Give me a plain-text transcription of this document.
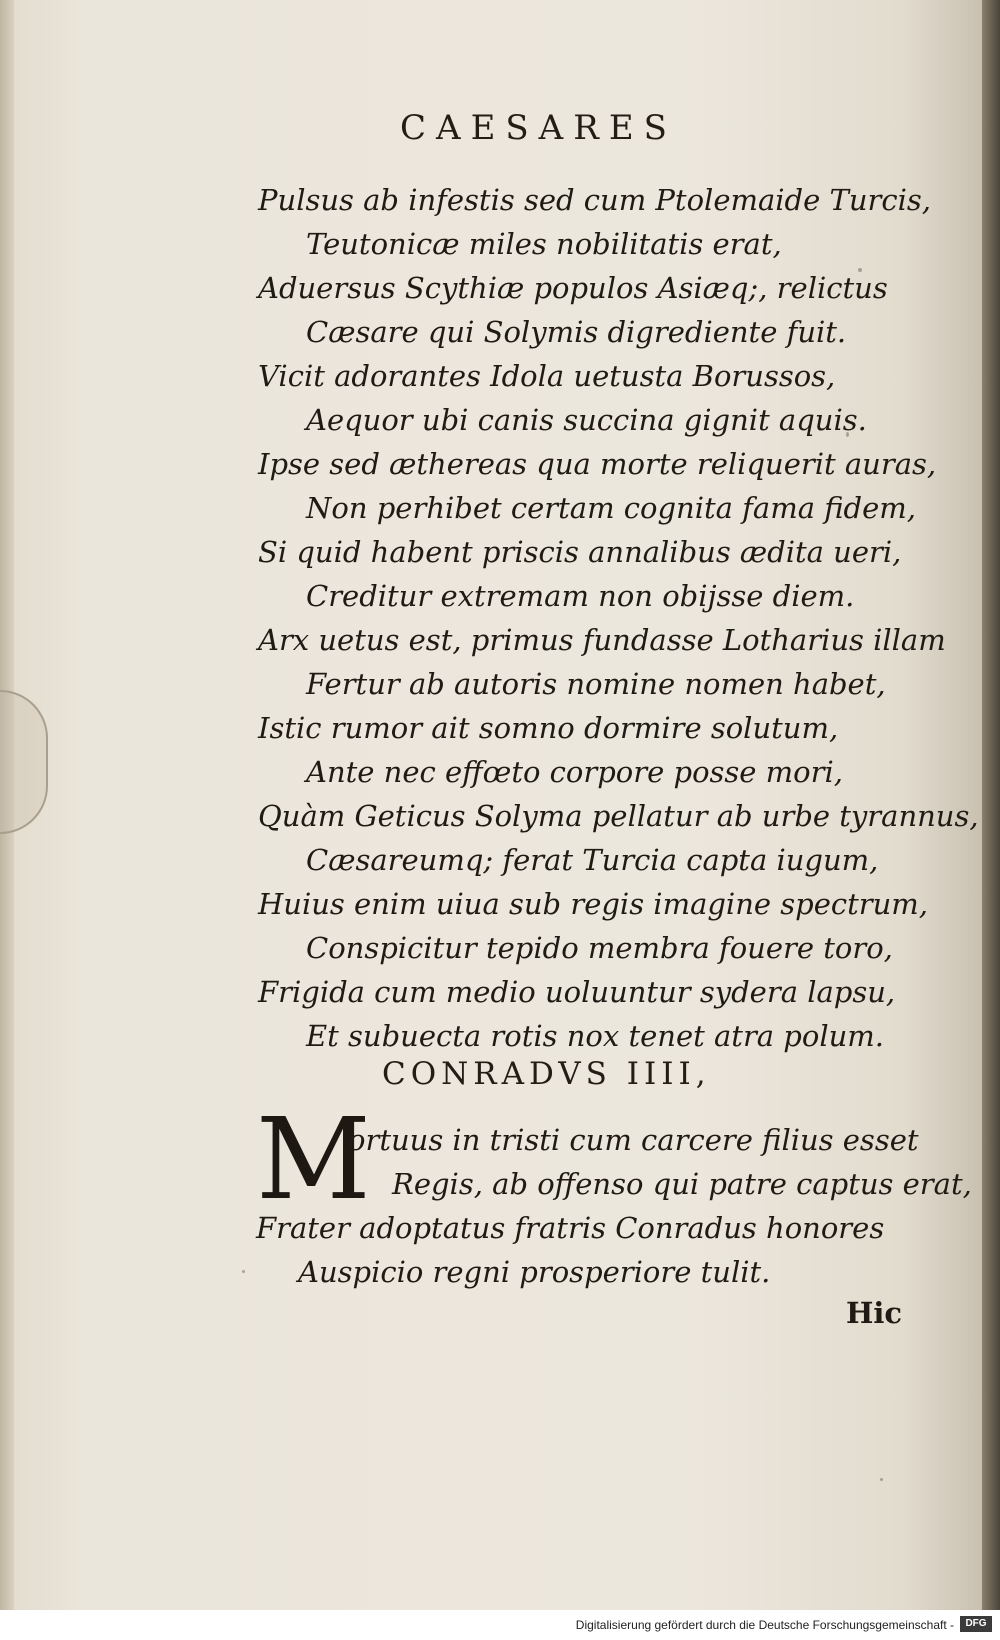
CAESARES
Pulsus ab infestis sed cum Ptolemaide Turcis,
Teutonicæ miles nobilitatis erat,
Aduersus Scythiæ populos Asiæq;, relictus
Cæsare qui Solymis digrediente fuit.
Vicit adorantes Idola uetusta Borussos,
Aequor ubi canis succina gignit aquis.
Ipse sed æthereas qua morte reliquerit auras,
Non perhibet certam cognita fama fidem,
Si quid habent priscis annalibus ædita ueri,
Creditur extremam non obijsse diem.
Arx uetus est, primus fundasse Lotharius illam
Fertur ab autoris nomine nomen habet,
Istic rumor ait somno dormire solutum,
Ante nec effœto corpore posse mori,
Quàm Geticus Solyma pellatur ab urbe tyrannus,
Cæsareumq; ferat Turcia capta iugum,
Huius enim uiua sub regis imagine spectrum,
Conspicitur tepido membra fouere toro,
Frigida cum medio uoluuntur sydera lapsu,
Et subuecta rotis nox tenet atra polum.
CONRADVS IIII,
M
ortuus in tristi cum carcere filius esset
Regis, ab offenso qui patre captus erat,
Frater adoptatus fratris Conradus honores
Auspicio regni prosperiore tulit.
Hic
Digitalisierung gefördert durch die Deutsche Forschungsgemeinschaft -	DFG
